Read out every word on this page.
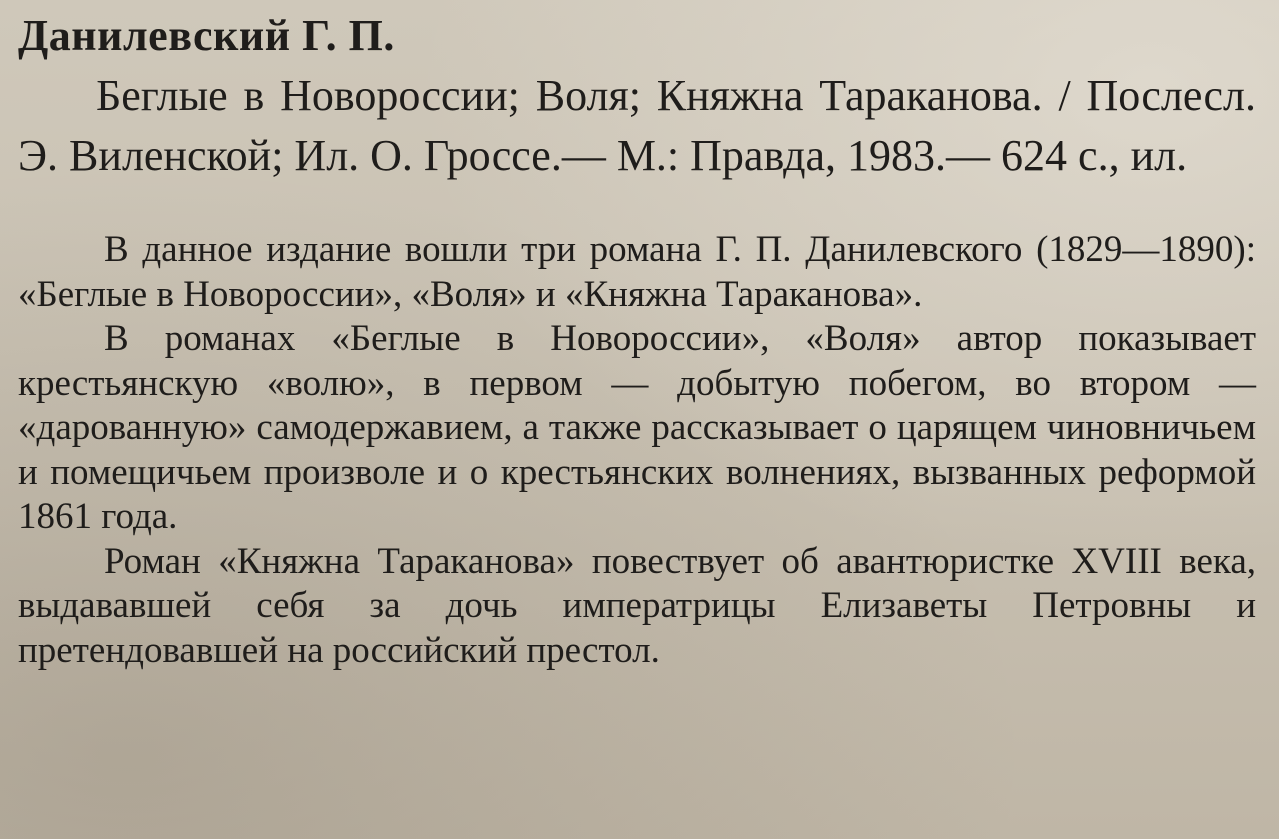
Данилевский Г. П.

Беглые в Новороссии; Воля; Княжна Тараканова. / Послесл. Э. Виленской; Ил. О. Гроссе.— М.: Правда, 1983.— 624 с., ил.

В данное издание вошли три романа Г. П. Данилевского (1829—1890): «Беглые в Новороссии», «Воля» и «Княжна Тараканова».

В романах «Беглые в Новороссии», «Воля» автор показывает крестьянскую «волю», в первом — добытую побегом, во втором — «дарованную» самодержавием, а также рассказывает о царящем чиновничьем и помещичьем произволе и о крестьянских волнениях, вызванных реформой 1861 года.

Роман «Княжна Тараканова» повествует об авантюристке XVIII века, выдававшей себя за дочь императрицы Елизаветы Петровны и претендовавшей на российский престол.
